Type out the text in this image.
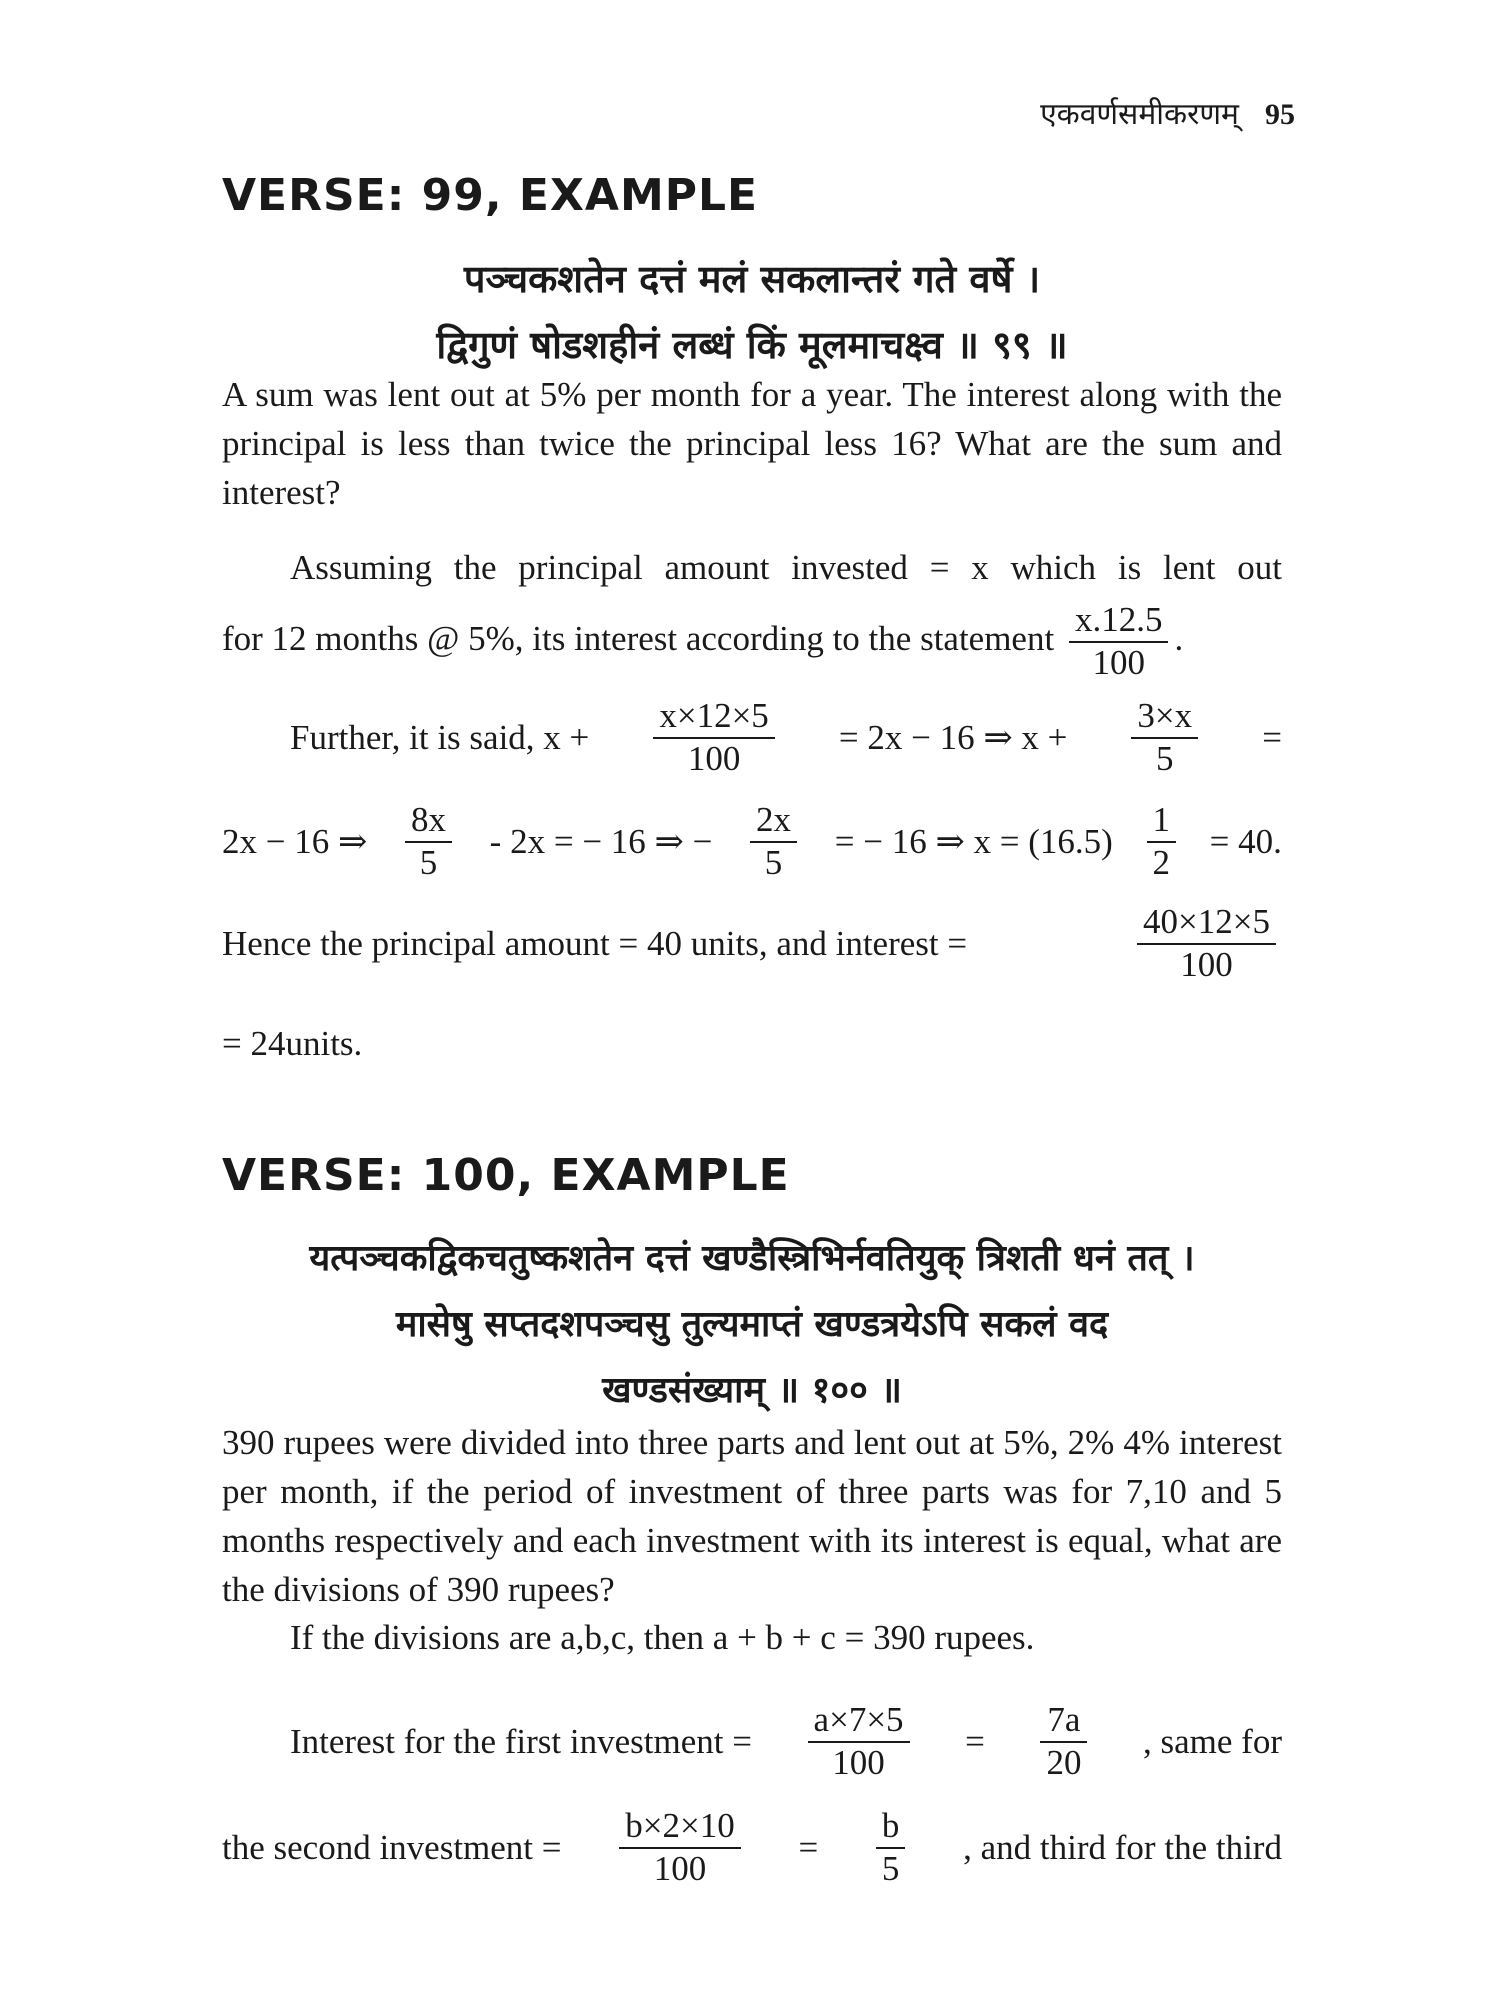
एकवर्णसमीकरणम् 95
VERSE: 99, EXAMPLE
पञ्चकशतेन दत्तं मलं सकलान्तरं गते वर्षे ।
द्विगुणं षोडशहीनं लब्धं किं मूलमाचक्ष्व ॥ ९९ ॥
A sum was lent out at 5% per month for a year. The interest along with the principal is less than twice the principal less 16? What are the sum and interest?
Assuming the principal amount invested = x which is lent out
for 12 months @ 5%, its interest according to the statement $\frac{x.12.5}{100}$ .
Further, it is said, $x + \frac{x\times 12\times 5}{100} = 2x - 16$ ⇒ $x + \frac{3\times x}{5}$ =
2x − 16 ⇒ $\frac{8x}{5} - 2x$ = − 16 ⇒ − $\frac{2x}{5}$ = − 16 ⇒ $x = (16.5) \frac{1}{2} = 40$.
Hence the principal amount = 40 units, and interest =	$\frac{40\times 12\times 5}{100}$
= 24units.
VERSE: 100, EXAMPLE
यत्पञ्चकद्विकचतुष्कशतेन दत्तं खण्डैस्त्रिभिर्नवतियुक् त्रिशती धनं तत् ।
मासेषु सप्तदशपञ्चसु तुल्यमाप्तं खण्डत्रयेऽपि सकलं वद
खण्डसंख्याम् ॥ १०० ॥
390 rupees were divided into three parts and lent out at 5%, 2% 4% interest per month, if the period of investment of three parts was for 7,10 and 5 months respectively and each investment with its interest is equal, what are the divisions of 390 rupees?
If the divisions are a,b,c, then a + b + c = 390 rupees.
Interest for the first investment = $\frac{a\times 7\times 5}{100} = \frac{7a}{20}$ , same for
the second investment = $\frac{b\times 2\times 10}{100} = \frac{b}{5}$ , and third for the third
